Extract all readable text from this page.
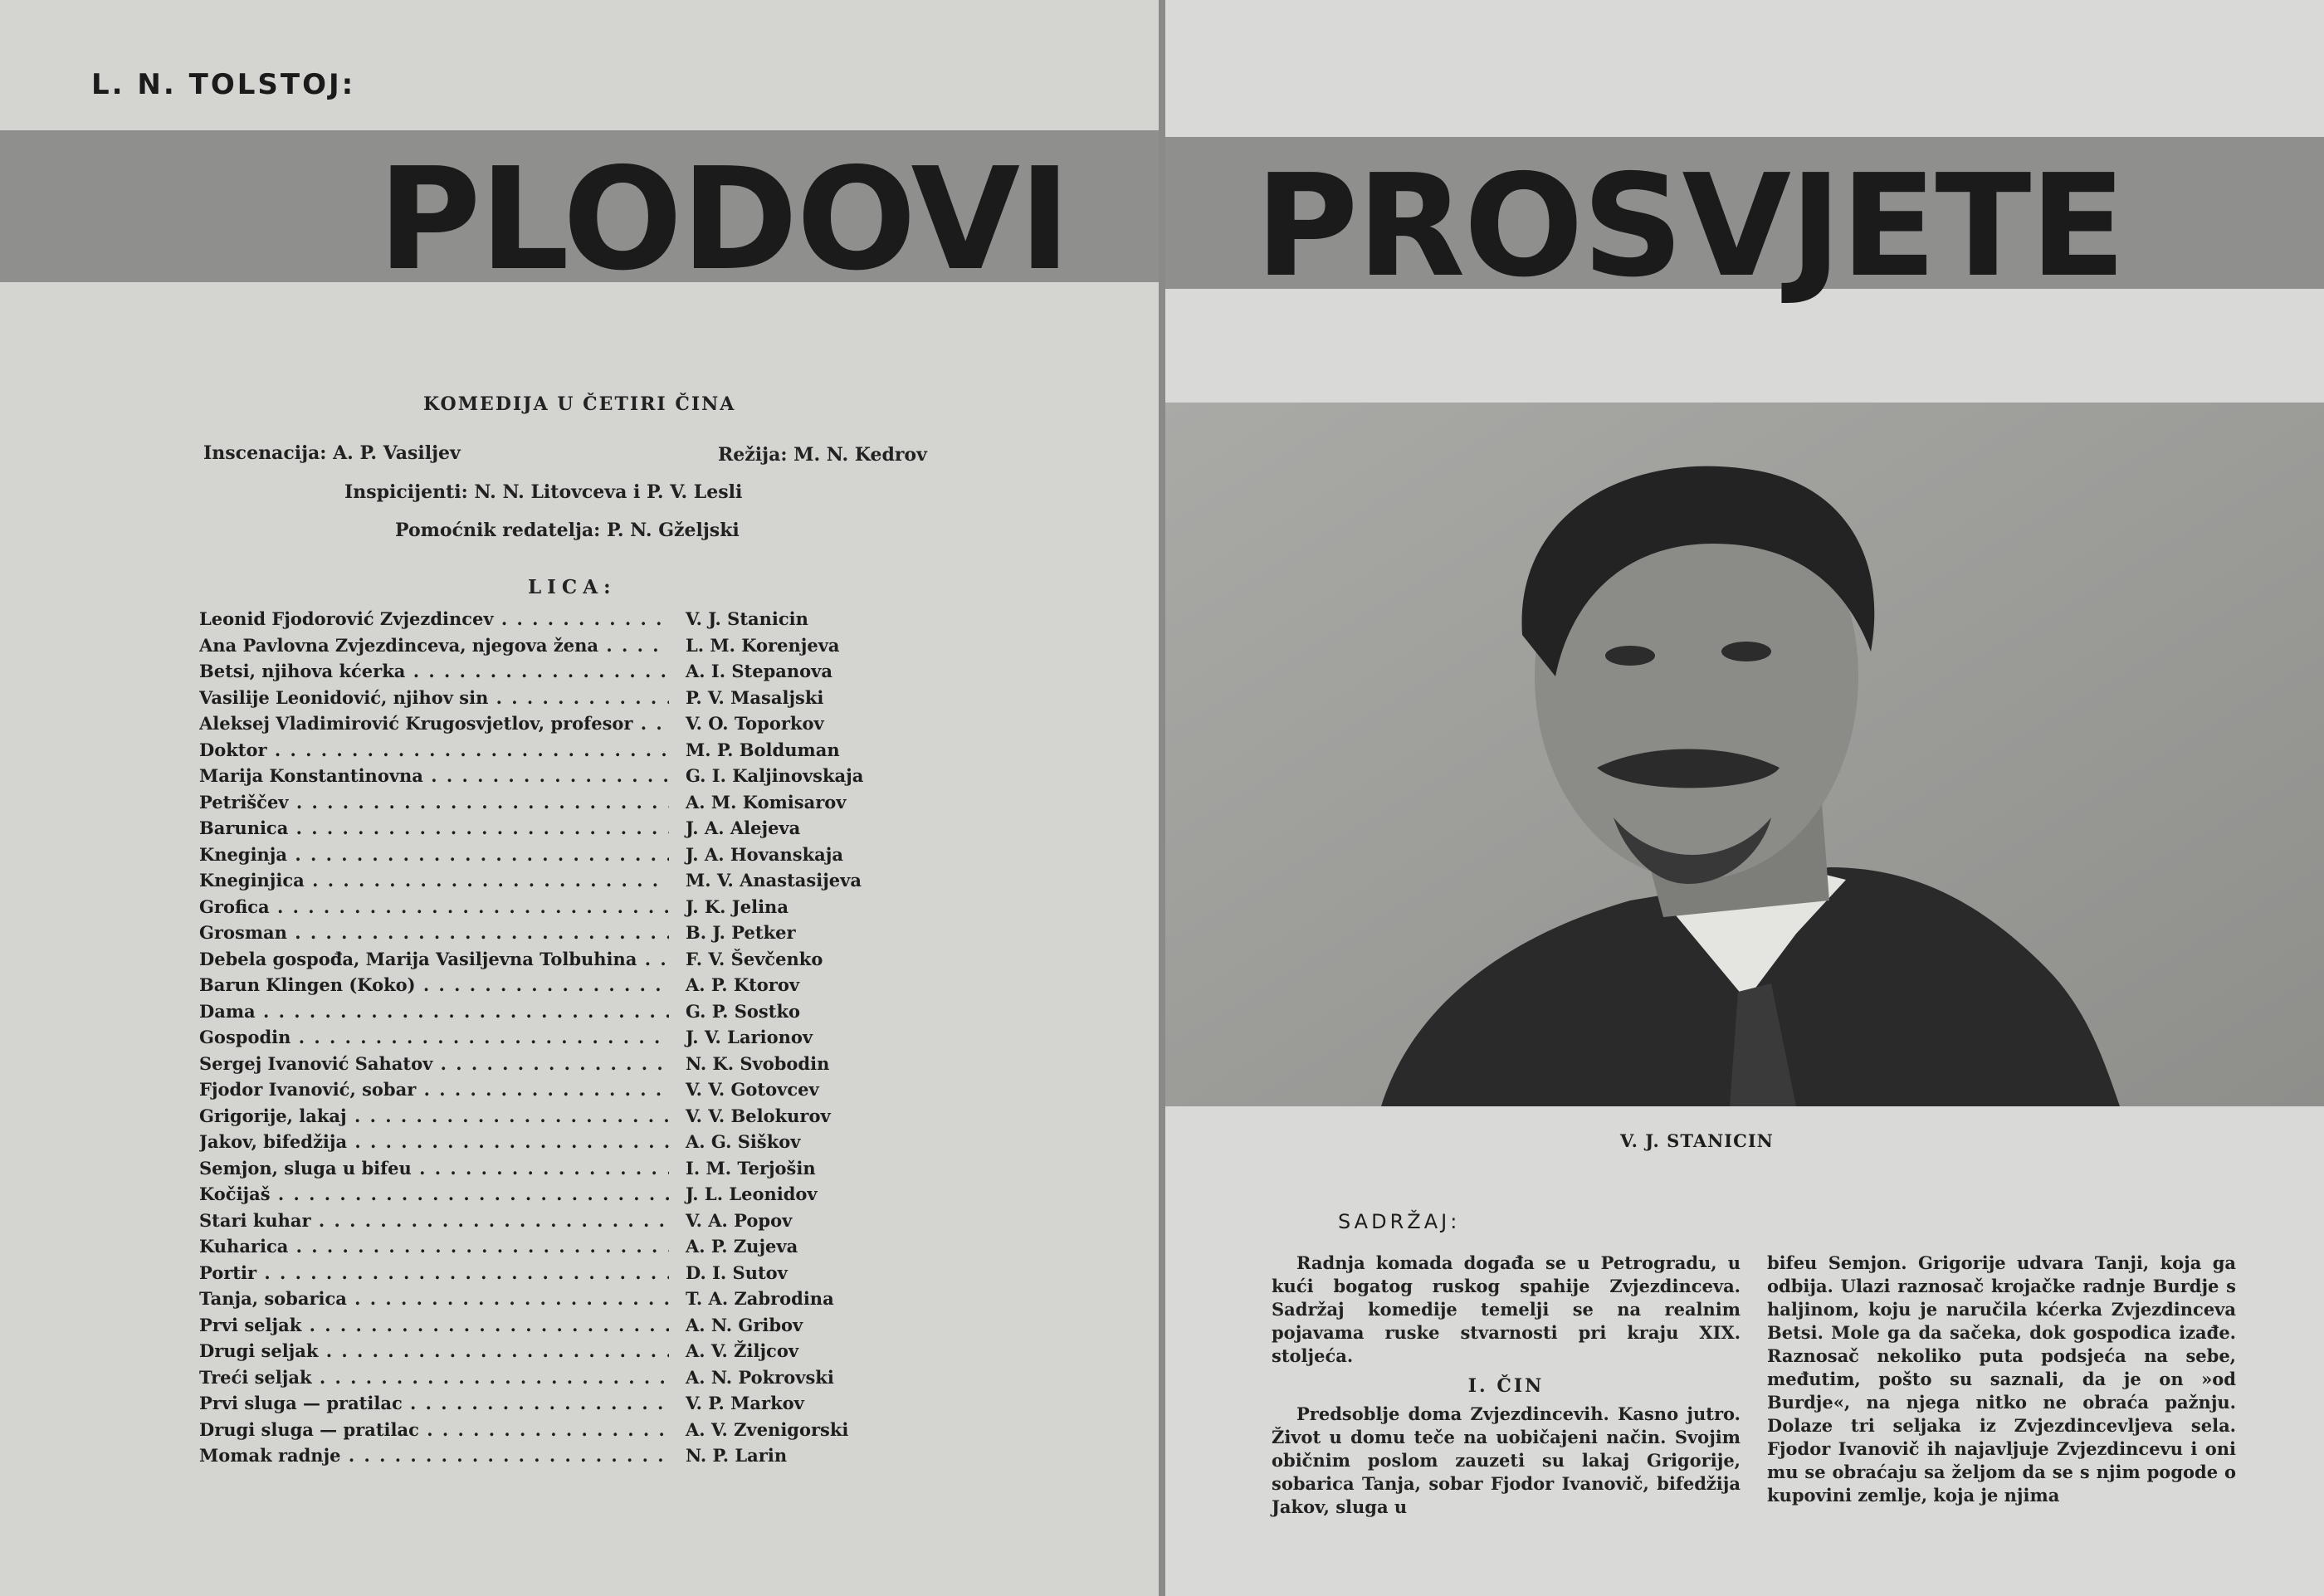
L. N. TOLSTOJ:
PLODOVI
KOMEDIJA U ČETIRI ČINA
Inscenacija: A. P. Vasiljev	Režija: M. N. Kedrov
Inspicijenti: N. N. Litovceva i P. V. Lesli
Pomoćnik redatelja: P. N. Gželjski
LICA:
Leonid Fjodorović Zvjezdincev . . .	V. J. Stanicin
Ana Pavlovna Zvjezdinceva, njegova žena . . .	L. M. Korenjeva
Betsi, njihova kćerka . . .	A. I. Stepanova
Vasilije Leonidović, njihov sin . . .	P. V. Masaljski
Aleksej Vladimirović Krugosvjetlov, profesor . . .	V. O. Toporkov
Doktor . . .	M. P. Bolduman
Marija Konstantinovna . . .	G. I. Kaljinovskaja
Petriščev . . .	A. M. Komisarov
Barunica . . .	J. A. Alejeva
Kneginja . . .	J. A. Hovanskaja
Kneginjica . . .	M. V. Anastasijeva
Grofica . . .	J. K. Jelina
Grosman . . .	B. J. Petker
Debela gospođa, Marija Vasiljevna Tolbuhina . . .	F. V. Ševčenko
Barun Klingen (Koko) . . .	A. P. Ktorov
Dama . . .	G. P. Sostko
Gospodin . . .	J. V. Larionov
Sergej Ivanović Sahatov . . .	N. K. Svobodin
Fjodor Ivanović, sobar . . .	V. V. Gotovcev
Grigorije, lakaj . . .	V. V. Belokurov
Jakov, bifedžija . . .	A. G. Siškov
Semjon, sluga u bifeu . . .	I. M. Terjošin
Kočijaš . . .	J. L. Leonidov
Stari kuhar . . .	V. A. Popov
Kuharica . . .	A. P. Zujeva
Portir . . .	D. I. Sutov
Tanja, sobarica . . .	T. A. Zabrodina
Prvi seljak . . .	A. N. Gribov
Drugi seljak . . .	A. V. Žiljcov
Treći seljak . . .	A. N. Pokrovski
Prvi sluga — pratilac . . .	V. P. Markov
Drugi sluga — pratilac . . .	A. V. Zvenigorski
Momak radnje . . .	N. P. Larin
PROSVJETE
V. J. STANICIN
SADRŽAJ:

Radnja komada događa se u Petrogradu, u kući bogatog ruskog spahije Zvjezdinceva. Sadržaj komedije temelji se na realnim pojavama ruske stvarnosti pri kraju XIX. stoljeća.

I. ČIN

Predsoblje doma Zvjezdincevih. Kasno jutro. Život u domu teče na uobičajeni način. Svojim običnim poslom zauzeti su lakaj Grigorije, sobarica Tanja, sobar Fjodor Ivanovič, bifedžija Jakov, sluga u

bifeu Semjon. Grigorije udvara Tanji, koja ga odbija. Ulazi raznosač krojačke radnje Burdje s haljinom, koju je naručila kćerka Zvjezdinceva Betsi. Mole ga da sačeka, dok gospodica izađe. Raznosač nekoliko puta podsjeća na sebe, međutim, pošto su saznali, da je on »od Burdje«, na njega nitko ne obraća pažnju. Dolaze tri seljaka iz Zvjezdincevljeva sela. Fjodor Ivanovič ih najavljuje Zvjezdincevu i oni mu se obraćaju sa željom da se s njim pogode o kupovini zemlje, koja je njima
